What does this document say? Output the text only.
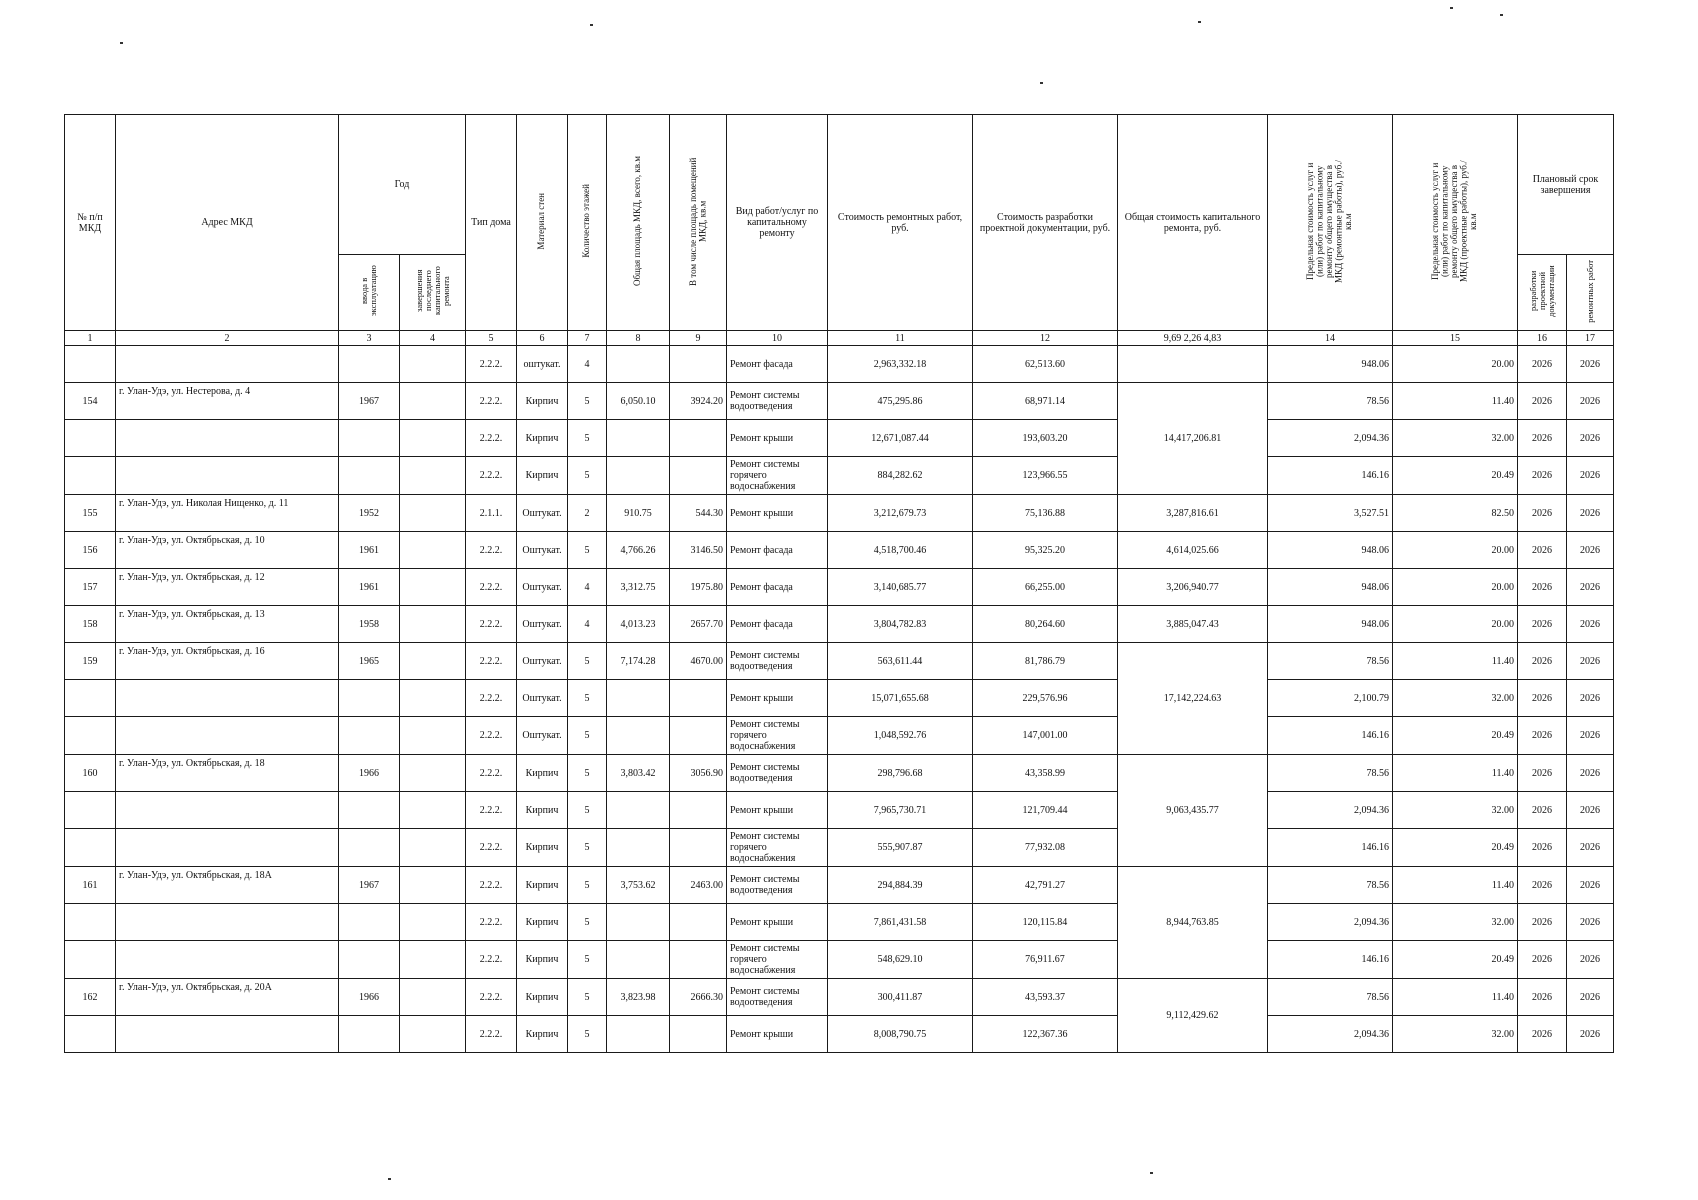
№ п/п МКД	Адрес МКД	Год		Тип дома	Материал стен	Количество этажей	Общая площадь МКД, всего, кв.м	В том числе площадь помещений МКД, кв.м	Вид работ/услуг по капитальному ремонту	Стоимость ремонтных работ, руб.	Стоимость разработки проектной документации, руб.	Общая стоимость капитального ремонта, руб.	Предельная стоимость услуг и (или) работ по капитальному ремонту общего имущества в МКД (ремонтные работы), руб./кв.м	Предельная стоимость услуг и (или) работ по капитальному ремонту общего имущества в МКД (проектные работы), руб./кв.м	Плановый срок завершения	
		ввода в эксплуатацию	завершения последнего капитального ремонта												разработки проектной документации	ремонтных работ
1	2	3	4	5	6	7	8	9	10	11	12	9,69 2,26 4,83	14	15	16	17
				2.2.2.	оштукат.	4			Ремонт фасада	2,963,332.18	62,513.60		948.06	20.00	2026	2026
154	г. Улан-Удэ, ул. Нестерова, д. 4	1967		2.2.2.	Кирпич	5	6,050.10	3924.20	Ремонт системы водоотведения	475,295.86	68,971.14	14,417,206.81	78.56	11.40	2026	2026
				2.2.2.	Кирпич	5			Ремонт крыши	12,671,087.44	193,603.20		2,094.36	32.00	2026	2026
				2.2.2.	Кирпич	5			Ремонт системы горячего водоснабжения	884,282.62	123,966.55		146.16	20.49	2026	2026
155	г. Улан-Удэ, ул. Николая Нищенко, д. 11	1952		2.1.1.	Оштукат.	2	910.75	544.30	Ремонт крыши	3,212,679.73	75,136.88	3,287,816.61	3,527.51	82.50	2026	2026
156	г. Улан-Удэ, ул. Октябрьская, д. 10	1961		2.2.2.	Оштукат.	5	4,766.26	3146.50	Ремонт фасада	4,518,700.46	95,325.20	4,614,025.66	948.06	20.00	2026	2026
157	г. Улан-Удэ, ул. Октябрьская, д. 12	1961		2.2.2.	Оштукат.	4	3,312.75	1975.80	Ремонт фасада	3,140,685.77	66,255.00	3,206,940.77	948.06	20.00	2026	2026
158	г. Улан-Удэ, ул. Октябрьская, д. 13	1958		2.2.2.	Оштукат.	4	4,013.23	2657.70	Ремонт фасада	3,804,782.83	80,264.60	3,885,047.43	948.06	20.00	2026	2026
159	г. Улан-Удэ, ул. Октябрьская, д. 16	1965		2.2.2.	Оштукат.	5	7,174.28	4670.00	Ремонт системы водоотведения	563,611.44	81,786.79	17,142,224.63	78.56	11.40	2026	2026
				2.2.2.	Оштукат.	5			Ремонт крыши	15,071,655.68	229,576.96		2,100.79	32.00	2026	2026
				2.2.2.	Оштукат.	5			Ремонт системы горячего водоснабжения	1,048,592.76	147,001.00		146.16	20.49	2026	2026
160	г. Улан-Удэ, ул. Октябрьская, д. 18	1966		2.2.2.	Кирпич	5	3,803.42	3056.90	Ремонт системы водоотведения	298,796.68	43,358.99	9,063,435.77	78.56	11.40	2026	2026
				2.2.2.	Кирпич	5			Ремонт крыши	7,965,730.71	121,709.44		2,094.36	32.00	2026	2026
				2.2.2.	Кирпич	5			Ремонт системы горячего водоснабжения	555,907.87	77,932.08		146.16	20.49	2026	2026
161	г. Улан-Удэ, ул. Октябрьская, д. 18А	1967		2.2.2.	Кирпич	5	3,753.62	2463.00	Ремонт системы водоотведения	294,884.39	42,791.27	8,944,763.85	78.56	11.40	2026	2026
				2.2.2.	Кирпич	5			Ремонт крыши	7,861,431.58	120,115.84		2,094.36	32.00	2026	2026
				2.2.2.	Кирпич	5			Ремонт системы горячего водоснабжения	548,629.10	76,911.67		146.16	20.49	2026	2026
162	г. Улан-Удэ, ул. Октябрьская, д. 20А	1966		2.2.2.	Кирпич	5	3,823.98	2666.30	Ремонт системы водоотведения	300,411.87	43,593.37	9,112,429.62	78.56	11.40	2026	2026
				2.2.2.	Кирпич	5			Ремонт крыши	8,008,790.75	122,367.36		2,094.36	32.00	2026	2026
